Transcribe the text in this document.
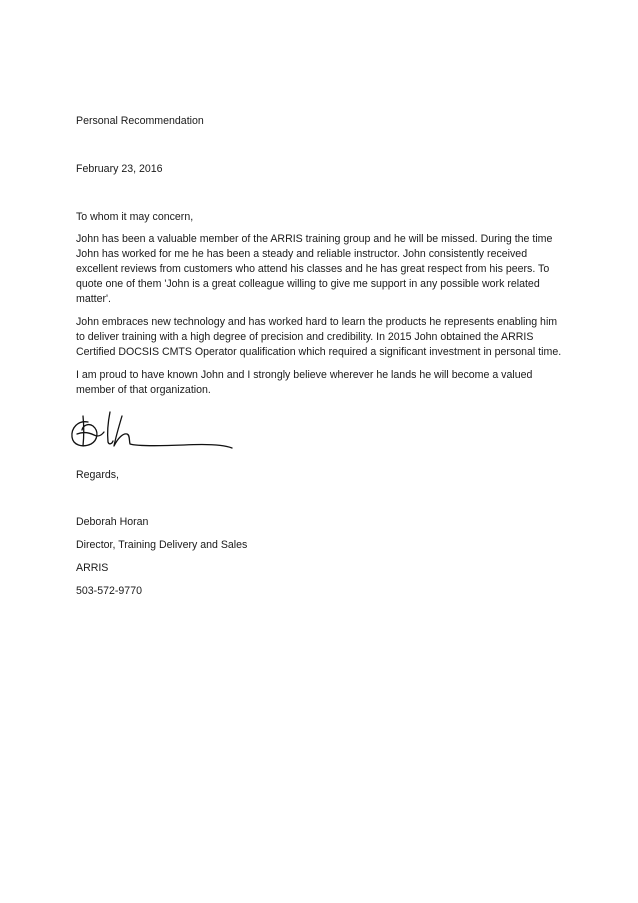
Personal Recommendation
February 23, 2016
To whom it may concern,
John has been a valuable member of the ARRIS training group and he will be missed. During the time
John has worked for me he has been a steady and reliable instructor. John consistently received
excellent reviews from customers who attend his classes and he has great respect from his peers. To
quote one of them 'John is a great colleague willing to give me support in any possible work related
matter'.
John embraces new technology and has worked hard to learn the products he represents enabling him
to deliver training with a high degree of precision and credibility. In 2015 John obtained the ARRIS
Certified DOCSIS CMTS Operator qualification which required a significant investment in personal time.
I am proud to have known John and I strongly believe wherever he lands he will become a valued
member of that organization.
Regards,
Deborah Horan
Director, Training Delivery and Sales
ARRIS
503-572-9770
